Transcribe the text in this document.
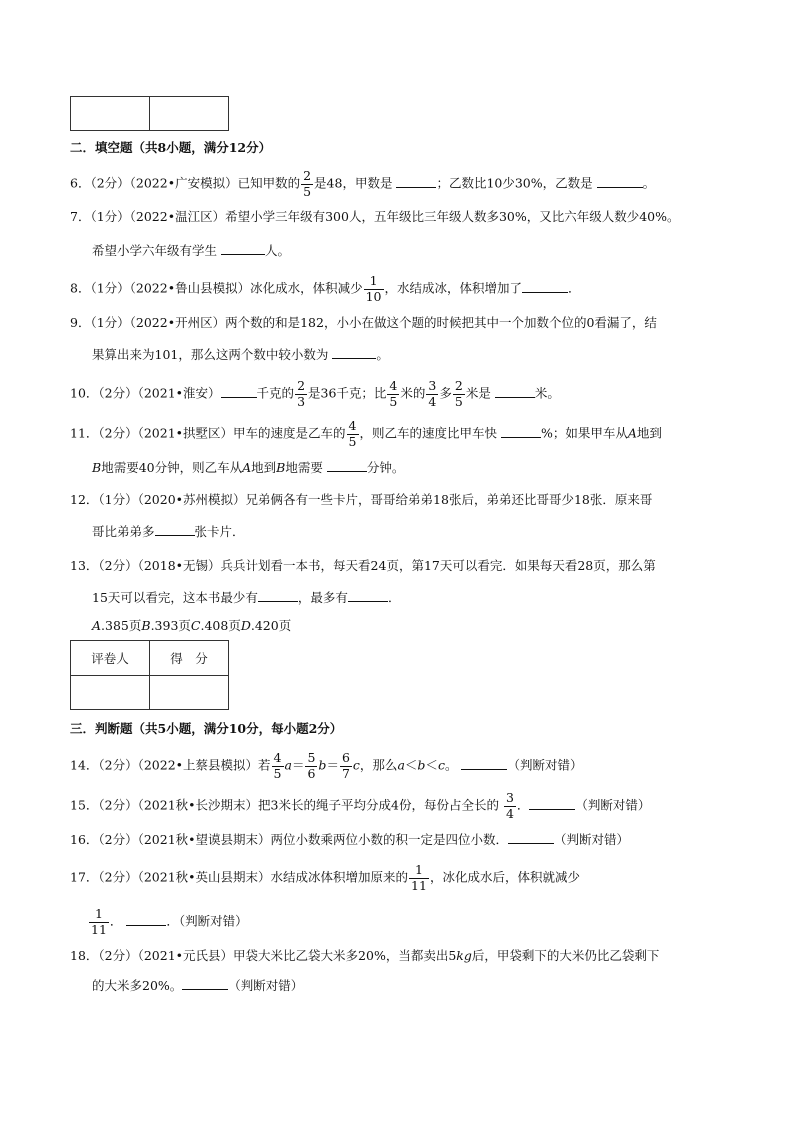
二．填空题（共8小题，满分12分）
6．（2分）（2022•广安模拟）已知甲数的 $\frac{2}{5}$ 是48，甲数是	；乙数比10少30%，乙数是	。
7．（1分）（2022•温江区）希望小学三年级有300人，五年级比三年级人数多30%，又比六年级人数少40%。
希望小学六年级有学生	人。
8．（1分）（2022•鲁山县模拟）冰化成水，体积减少 $\frac{1}{10}$ ，水结成冰，体积增加了	．
9．（1分）（2022•开州区）两个数的和是182，小小在做这个题的时候把其中一个加数个位的0看漏了，结
果算出来为101，那么这两个数中较小数为	。
10．（2分）（2021•淮安）	千克的 $\frac{2}{3}$ 是36千克；比 $\frac{4}{5}$ 米的 $\frac{3}{4}$ 多 $\frac{2}{5}$ 米是	米。
11．（2分）（2021•拱墅区）甲车的速度是乙车的 $\frac{4}{5}$ ，则乙车的速度比甲车快	%；如果甲车从A地到
B地需要40分钟，则乙车从A地到B地需要	分钟。
12．（1分）（2020•苏州模拟）兄弟俩各有一些卡片，哥哥给弟弟18张后，弟弟还比哥哥少18张．原来哥
哥比弟弟多	张卡片．
13．（2分）（2018•无锡）兵兵计划看一本书，每天看24页，第17天可以看完．如果每天看28页，那么第
15天可以看完，这本书最少有	，最多有	．
A.385页B.393页C.408页D.420页
评卷人	得　分

三．判断题（共5小题，满分10分，每小题2分）
14．（2分）（2022•上蔡县模拟）若 $\frac{4}{5} a= \frac{5}{6} b= \frac{6}{7}$ c，那么a＜b＜c。	（判断对错）
15．（2分）（2021秋•长沙期末）把3米长的绳子平均分成4份，每份占全长的 $\frac{3}{4}$ ．	（判断对错）
16．（2分）（2021秋•望谟县期末）两位小数乘两位小数的积一定是四位小数．	（判断对错）
17．（2分）（2021秋•英山县期末）水结成冰体积增加原来的 $\frac{1}{11}$ ，冰化成水后，体积就减少
$\frac{1}{11}$ ．	．（判断对错）
18．（2分）（2021•元氏县）甲袋大米比乙袋大米多20%，当都卖出5kg后，甲袋剩下的大米仍比乙袋剩下
的大米多20%。	（判断对错）
